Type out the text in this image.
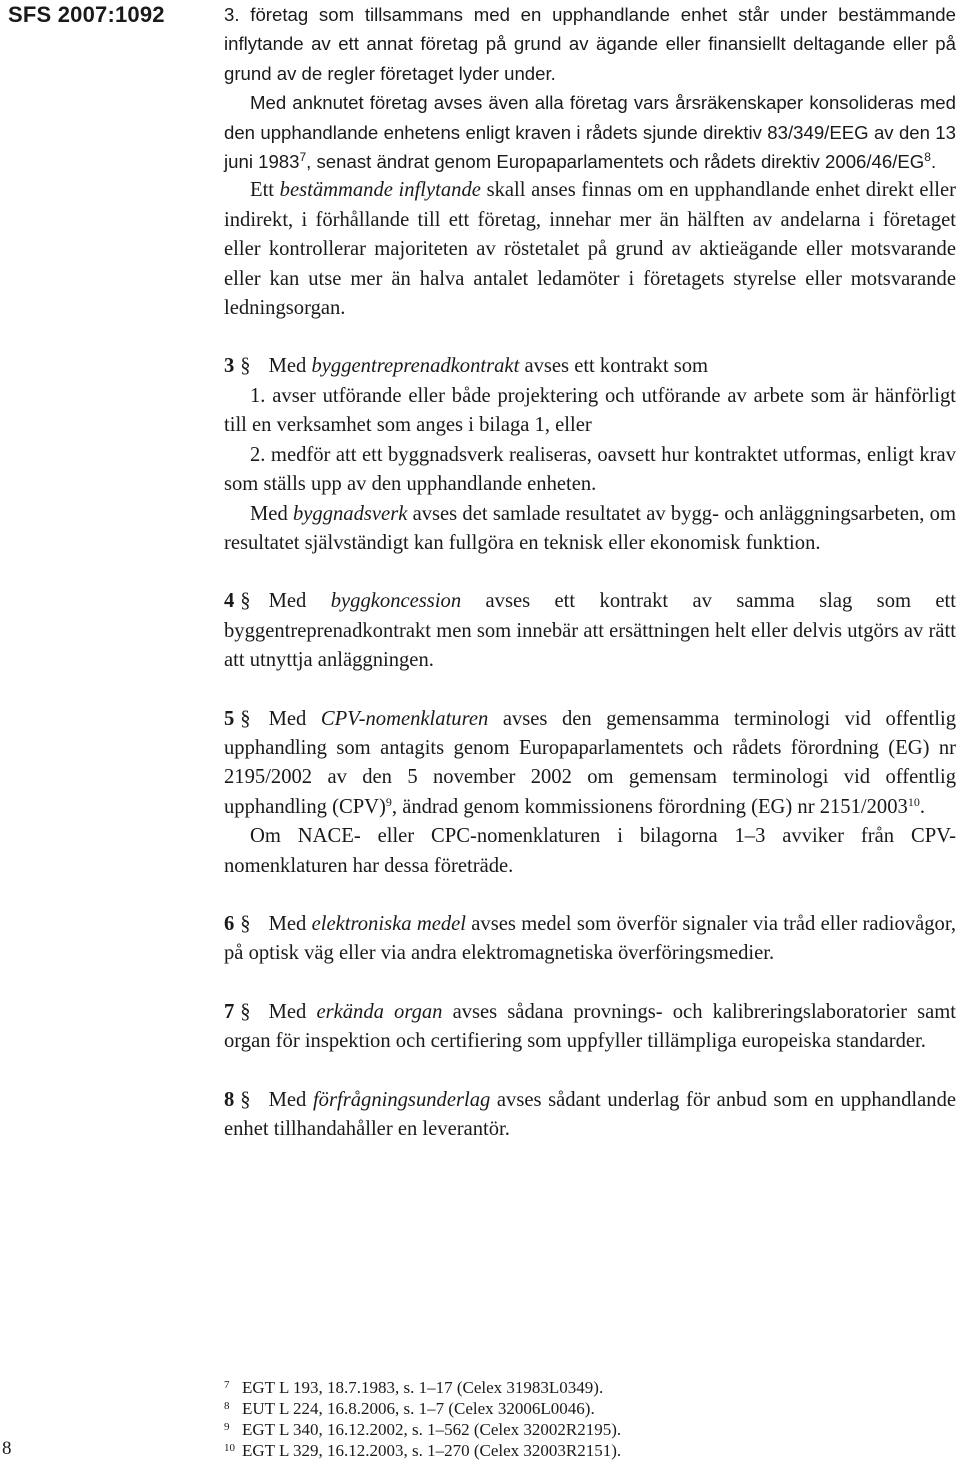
SFS 2007:1092	3. företag som tillsammans med en upphandlande enhet står under bestämmande inflytande av ett annat företag på grund av ägande eller finansiellt deltagande eller på grund av de regler företaget lyder under.

Med anknutet företag avses även alla företag vars årsräkenskaper konsolideras med den upphandlande enhetens enligt kraven i rådets sjunde direktiv 83/349/EEG av den 13 juni 1983$^7$, senast ändrat genom Europaparlamentets och rådets direktiv $2006/46/EG^8$.

Ett bestämmande inflytande skall anses finnas om en upphandlande enhet direkt eller indirekt, i förhållande till ett företag, innehar mer än hälften av andelarna i företaget eller kontrollerar majoriteten av röstetalet på grund av aktieägande eller motsvarande eller kan utse mer än halva antalet ledamöter i företagets styrelse eller motsvarande ledningsorgan.

3 § Med byggentreprenadkontrakt avses ett kontrakt som

1. avser utförande eller både projektering och utförande av arbete som är hänförligt till en verksamhet som anges i bilaga 1, eller

2. medför att ett byggnadsverk realiseras, oavsett hur kontraktet utformas, enligt krav som ställs upp av den upphandlande enheten.

Med byggnadsverk avses det samlade resultatet av bygg- och anläggningsarbeten, om resultatet självständigt kan fullgöra en teknisk eller ekonomisk funktion.

4 § Med byggkoncession avses ett kontrakt av samma slag som ett byggentreprenadkontrakt men som innebär att ersättningen helt eller delvis utgörs av rätt att utnyttja anläggningen.

5 § Med CPV-nomenklaturen avses den gemensamma terminologi vid offentlig upphandling som antagits genom Europaparlamentets och rådets förordning (EG) nr 2195/2002 av den 5 november 2002 om gemensam terminologi vid offentlig upphandling (CPV)$^9$, ändrad genom kommissionens förordning (EG) nr 2151/2003$^{10}$.

Om NACE- eller CPC-nomenklaturen i bilagorna 1–3 avviker från CPV-nomenklaturen har dessa företräde.

6 § Med elektroniska medel avses medel som överför signaler via tråd eller radiovågor, på optisk väg eller via andra elektromagnetiska överföringsmedier.

7 § Med erkända organ avses sådana provnings- och kalibreringslaboratorier samt organ för inspektion och certifiering som uppfyller tillämpliga europeiska standarder.

8 § Med förfrågningsunderlag avses sådant underlag för anbud som en upphandlande enhet tillhandahåller en leverantör.

7 EGT L 193, 18.7.1983, s. 1–17 (Celex 31983L0349).
8 EUT L 224, 16.8.2006, s. 1–7 (Celex 32006L0046).
9 EGT L 340, 16.12.2002, s. 1–562 (Celex 32002R2195).
10 EGT L 329, 16.12.2003, s. 1–270 (Celex 32003R2151).
8
